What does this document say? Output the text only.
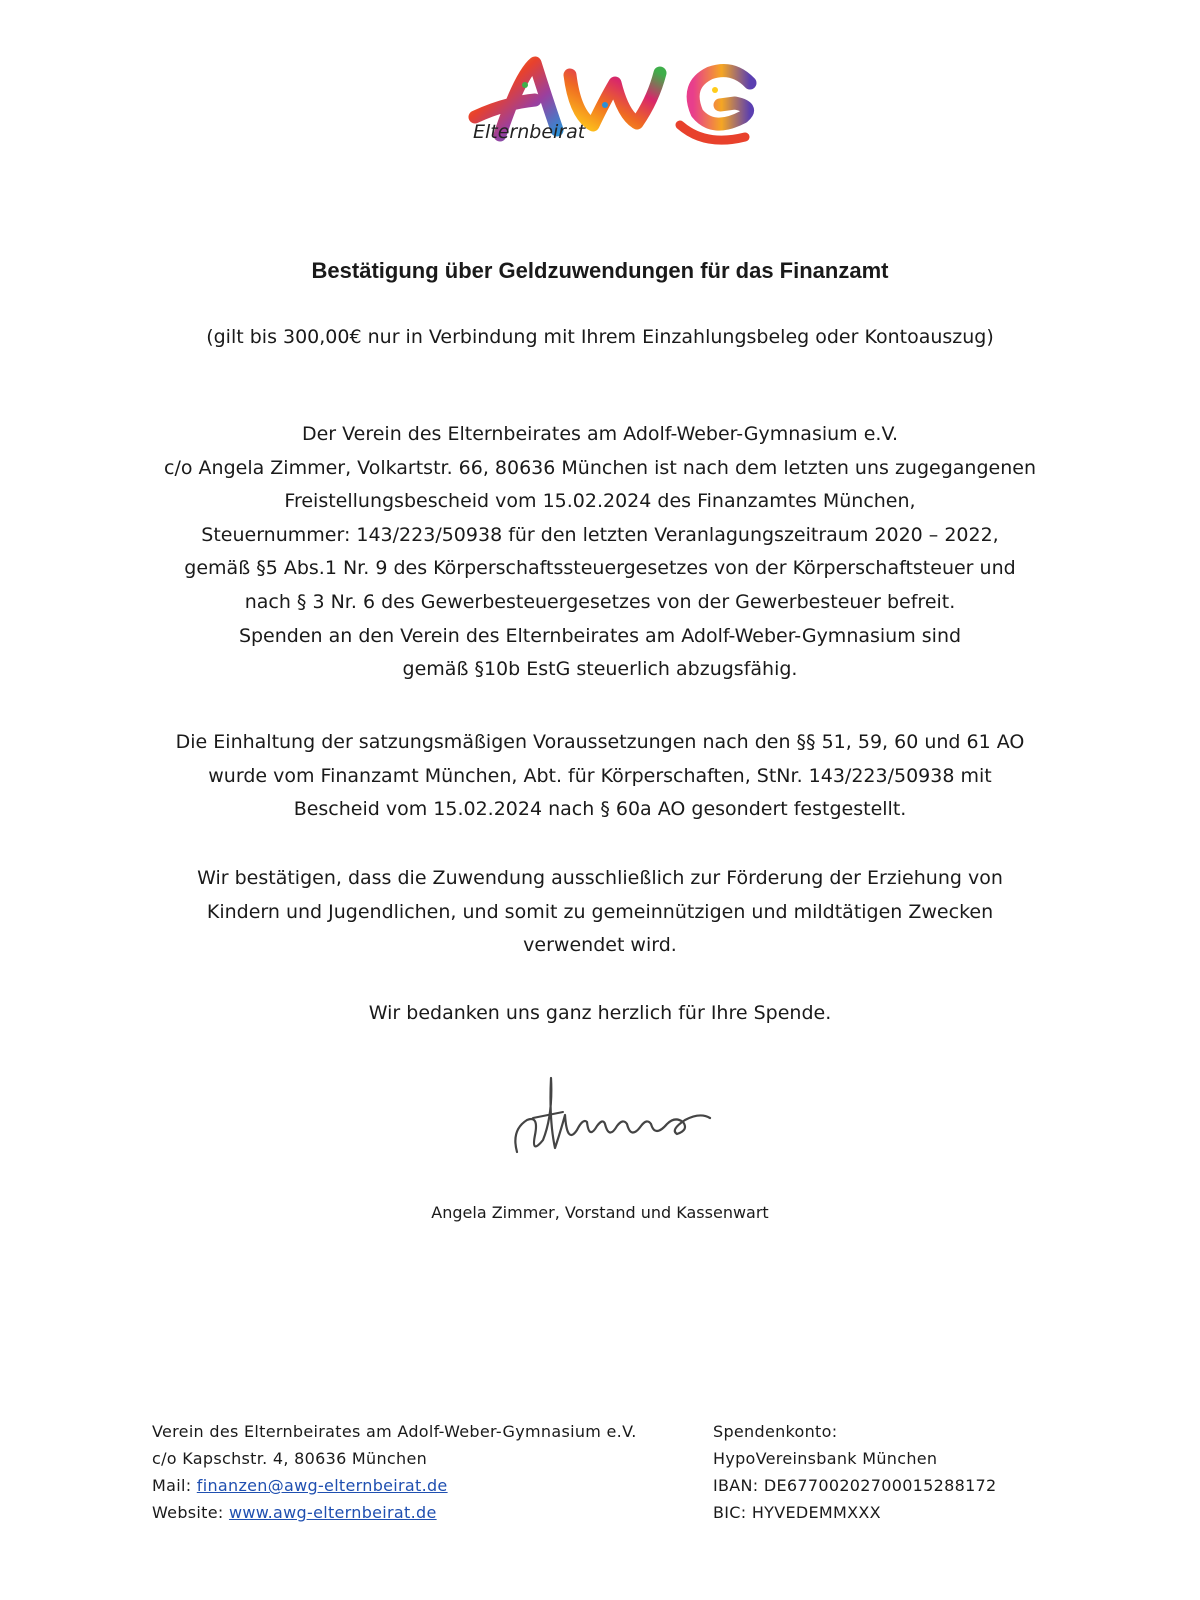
Elternbeirat
Bestätigung über Geldzuwendungen für das Finanzamt

(gilt bis 300,00€ nur in Verbindung mit Ihrem Einzahlungsbeleg oder Kontoauszug)

Der Verein des Elternbeirates am Adolf-Weber-Gymnasium e.V.
c/o Angela Zimmer, Volkartstr. 66, 80636 München ist nach dem letzten uns zugegangenen
Freistellungsbescheid vom 15.02.2024 des Finanzamtes München,
Steuernummer: 143/223/50938 für den letzten Veranlagungszeitraum 2020 – 2022,
gemäß §5 Abs.1 Nr. 9 des Körperschaftssteuergesetzes von der Körperschaftsteuer und
nach § 3 Nr. 6 des Gewerbesteuergesetzes von der Gewerbesteuer befreit.
Spenden an den Verein des Elternbeirates am Adolf-Weber-Gymnasium sind
gemäß §10b EstG steuerlich abzugsfähig.
Die Einhaltung der satzungsmäßigen Voraussetzungen nach den §§ 51, 59, 60 und 61 AO
wurde vom Finanzamt München, Abt. für Körperschaften, StNr. 143/223/50938 mit
Bescheid vom 15.02.2024 nach § 60a AO gesondert festgestellt.
Wir bestätigen, dass die Zuwendung ausschließlich zur Förderung der Erziehung von
Kindern und Jugendlichen, und somit zu gemeinnützigen und mildtätigen Zwecken
verwendet wird.
Wir bedanken uns ganz herzlich für Ihre Spende.

Angela Zimmer, Vorstand und Kassenwart

Verein des Elternbeirates am Adolf-Weber-Gymnasium e.V.
c/o Kapschstr. 4, 80636 München
Mail: finanzen@awg-elternbeirat.de
Website: www.awg-elternbeirat.de
Spendenkonto:
HypoVereinsbank München
IBAN: DE67700202700015288172
BIC: HYVEDEMMXXX
